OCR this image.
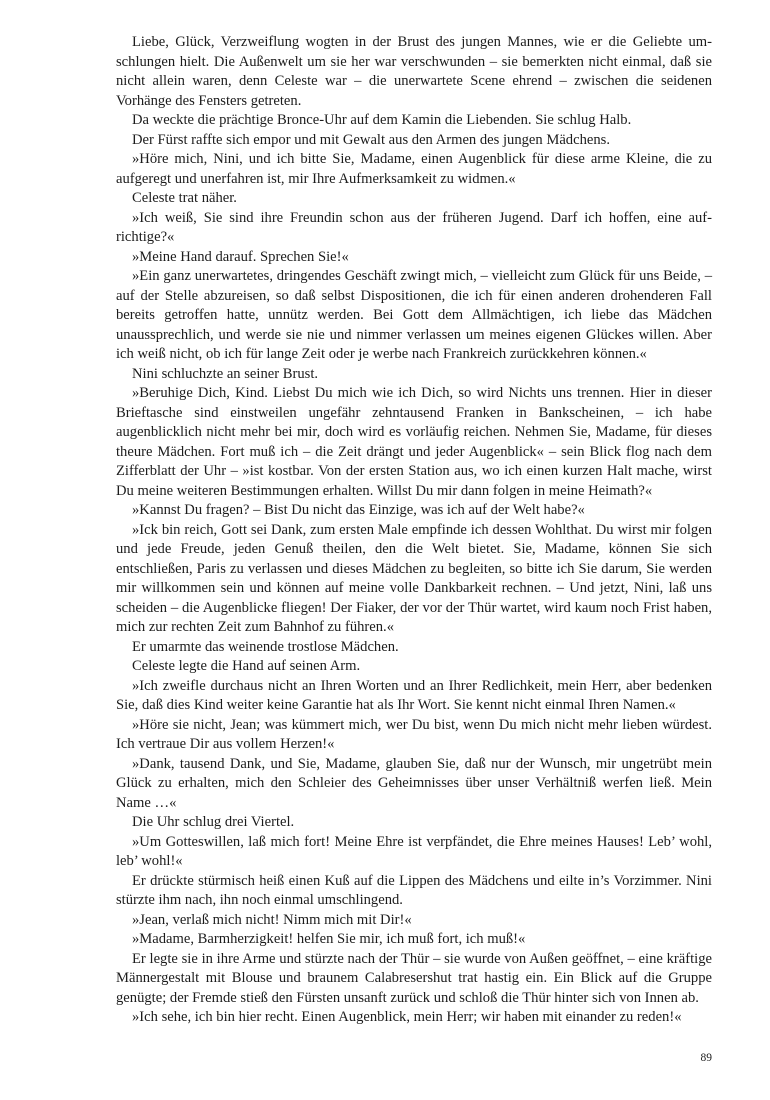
Liebe, Glück, Verzweiflung wogten in der Brust des jungen Mannes, wie er die Geliebte umschlungen hielt. Die Außenwelt um sie her war verschwunden – sie bemerkten nicht einmal, daß sie nicht allein waren, denn Celeste war – die unerwartete Scene ehrend – zwischen die seidenen Vorhänge des Fensters getreten.

Da weckte die prächtige Bronce-Uhr auf dem Kamin die Liebenden. Sie schlug Halb.

Der Fürst raffte sich empor und mit Gewalt aus den Armen des jungen Mädchens.

»Höre mich, Nini, und ich bitte Sie, Madame, einen Augenblick für diese arme Kleine, die zu aufgeregt und unerfahren ist, mir Ihre Aufmerksamkeit zu widmen.«

Celeste trat näher.

»Ich weiß, Sie sind ihre Freundin schon aus der früheren Jugend. Darf ich hoffen, eine aufrichtige?«

»Meine Hand darauf. Sprechen Sie!«

»Ein ganz unerwartetes, dringendes Geschäft zwingt mich, – vielleicht zum Glück für uns Beide, – auf der Stelle abzureisen, so daß selbst Dispositionen, die ich für einen anderen drohenderen Fall bereits getroffen hatte, unnütz werden. Bei Gott dem Allmächtigen, ich liebe das Mädchen unaussprechlich, und werde sie nie und nimmer verlassen um meines eigenen Glückes willen. Aber ich weiß nicht, ob ich für lange Zeit oder je werbe nach Frankreich zurückkehren können.«

Nini schluchzte an seiner Brust.

»Beruhige Dich, Kind. Liebst Du mich wie ich Dich, so wird Nichts uns trennen. Hier in dieser Brieftasche sind einstweilen ungefähr zehntausend Franken in Bankscheinen, – ich habe augenblicklich nicht mehr bei mir, doch wird es vorläufig reichen. Nehmen Sie, Madame, für dieses theure Mädchen. Fort muß ich – die Zeit drängt und jeder Augenblick« – sein Blick flog nach dem Zifferblatt der Uhr – »ist kostbar. Von der ersten Station aus, wo ich einen kurzen Halt mache, wirst Du meine weiteren Bestimmungen erhalten. Willst Du mir dann folgen in meine Heimath?«

»Kannst Du fragen? – Bist Du nicht das Einzige, was ich auf der Welt habe?«

»Ick bin reich, Gott sei Dank, zum ersten Male empfinde ich dessen Wohlthat. Du wirst mir folgen und jede Freude, jeden Genuß theilen, den die Welt bietet. Sie, Madame, können Sie sich entschließen, Paris zu verlassen und dieses Mädchen zu begleiten, so bitte ich Sie darum, Sie werden mir willkommen sein und können auf meine volle Dankbarkeit rechnen. – Und jetzt, Nini, laß uns scheiden – die Augenblicke fliegen! Der Fiaker, der vor der Thür wartet, wird kaum noch Frist haben, mich zur rechten Zeit zum Bahnhof zu führen.«

Er umarmte das weinende trostlose Mädchen.

Celeste legte die Hand auf seinen Arm.

»Ich zweifle durchaus nicht an Ihren Worten und an Ihrer Redlichkeit, mein Herr, aber bedenken Sie, daß dies Kind weiter keine Garantie hat als Ihr Wort. Sie kennt nicht einmal Ihren Namen.«

»Höre sie nicht, Jean; was kümmert mich, wer Du bist, wenn Du mich nicht mehr lieben würdest. Ich vertraue Dir aus vollem Herzen!«

»Dank, tausend Dank, und Sie, Madame, glauben Sie, daß nur der Wunsch, mir ungetrübt mein Glück zu erhalten, mich den Schleier des Geheimnisses über unser Verhältniß werfen ließ. Mein Name …«

Die Uhr schlug drei Viertel.

»Um Gotteswillen, laß mich fort! Meine Ehre ist verpfändet, die Ehre meines Hauses! Leb’ wohl, leb’ wohl!«

Er drückte stürmisch heiß einen Kuß auf die Lippen des Mädchens und eilte in’s Vorzimmer. Nini stürzte ihm nach, ihn noch einmal umschlingend.

»Jean, verlaß mich nicht! Nimm mich mit Dir!«

»Madame, Barmherzigkeit! helfen Sie mir, ich muß fort, ich muß!«

Er legte sie in ihre Arme und stürzte nach der Thür – sie wurde von Außen geöffnet, – eine kräftige Männergestalt mit Blouse und braunem Calabresershut trat hastig ein. Ein Blick auf die Gruppe genügte; der Fremde stieß den Fürsten unsanft zurück und schloß die Thür hinter sich von Innen ab.

»Ich sehe, ich bin hier recht. Einen Augenblick, mein Herr; wir haben mit einander zu reden!«

89
